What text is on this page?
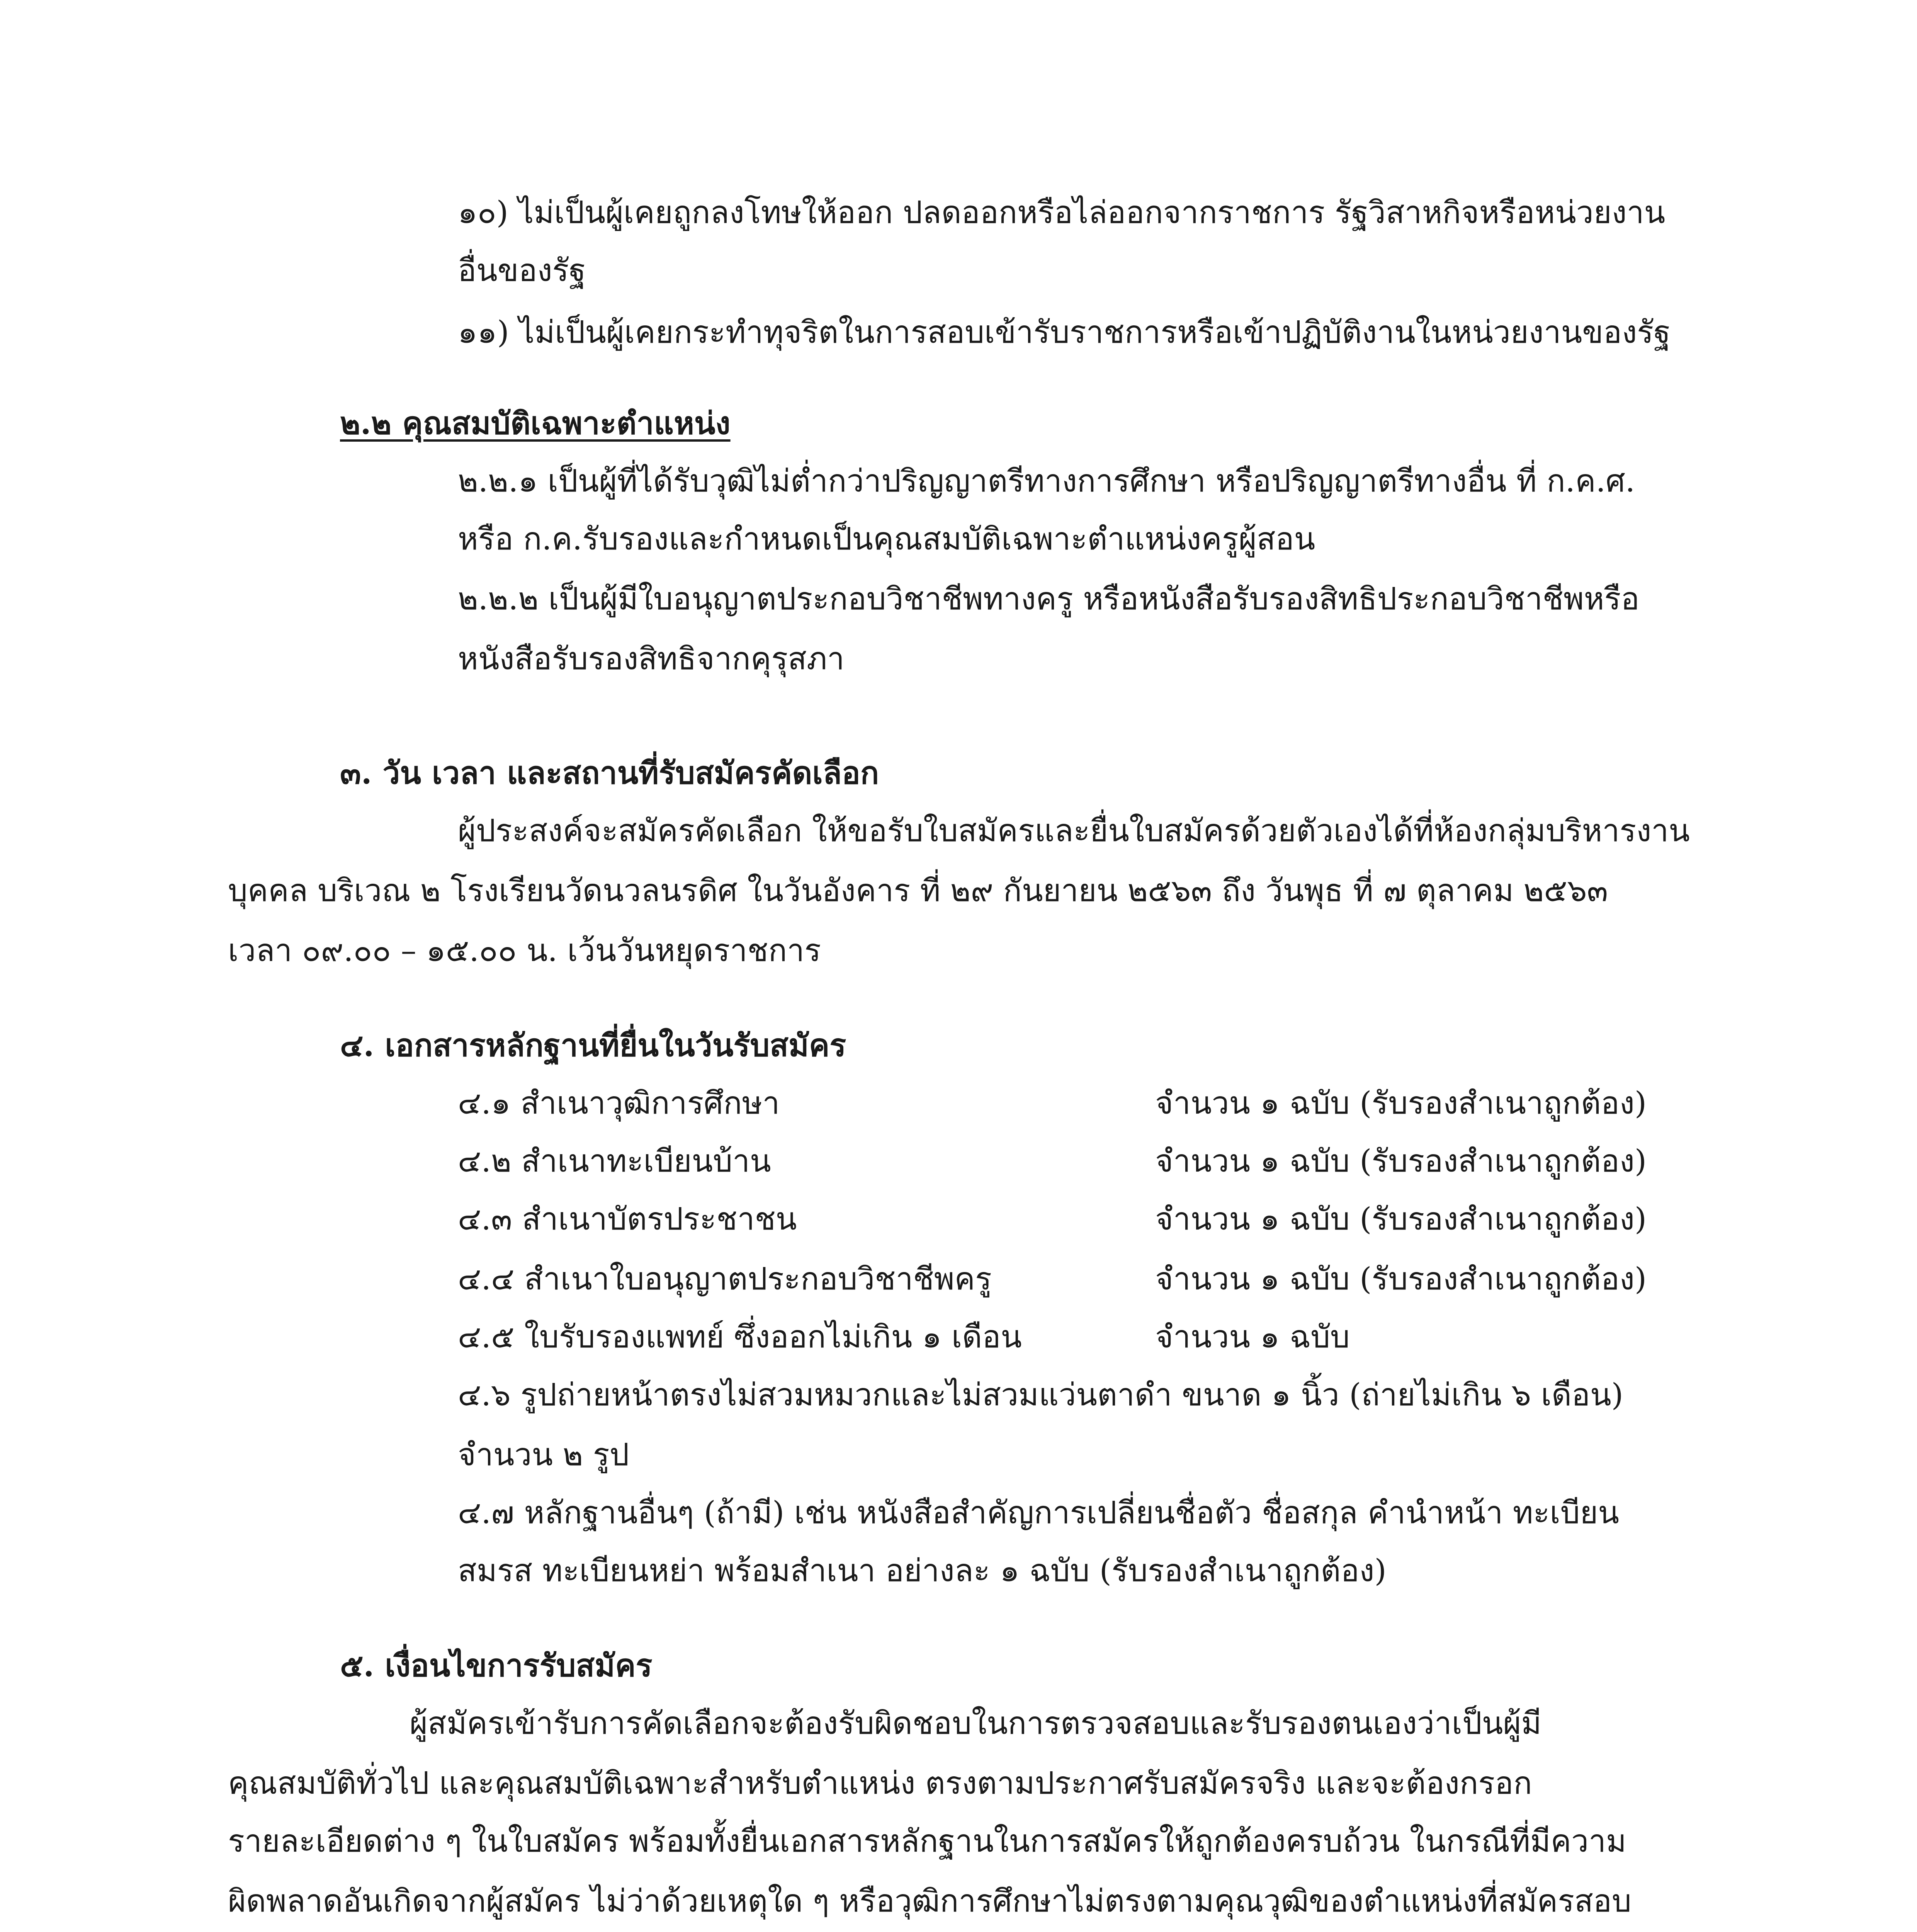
๑๐) ไม่เป็นผู้เคยถูกลงโทษให้ออก ปลดออกหรือไล่ออกจากราชการ รัฐวิสาหกิจหรือหน่วยงาน
อื่นของรัฐ
๑๑) ไม่เป็นผู้เคยกระทำทุจริตในการสอบเข้ารับราชการหรือเข้าปฏิบัติงานในหน่วยงานของรัฐ
๒.๒ คุณสมบัติเฉพาะตำแหน่ง
๒.๒.๑ เป็นผู้ที่ได้รับวุฒิไม่ต่ำกว่าปริญญาตรีทางการศึกษา หรือปริญญาตรีทางอื่น ที่ ก.ค.ศ.
หรือ ก.ค.รับรองและกำหนดเป็นคุณสมบัติเฉพาะตำแหน่งครูผู้สอน
๒.๒.๒ เป็นผู้มีใบอนุญาตประกอบวิชาชีพทางครู หรือหนังสือรับรองสิทธิประกอบวิชาชีพหรือ
หนังสือรับรองสิทธิจากคุรุสภา
๓. วัน เวลา และสถานที่รับสมัครคัดเลือก
ผู้ประสงค์จะสมัครคัดเลือก ให้ขอรับใบสมัครและยื่นใบสมัครด้วยตัวเองได้ที่ห้องกลุ่มบริหารงาน
บุคคล บริเวณ ๒ โรงเรียนวัดนวลนรดิศ ในวันอังคาร ที่ ๒๙ กันยายน ๒๕๖๓ ถึง วันพุธ ที่ ๗ ตุลาคม ๒๕๖๓
เวลา ๐๙.๐๐ – ๑๕.๐๐ น. เว้นวันหยุดราชการ
๔. เอกสารหลักฐานที่ยื่นในวันรับสมัคร
๔.๑ สำเนาวุฒิการศึกษา	จำนวน ๑ ฉบับ (รับรองสำเนาถูกต้อง)
๔.๒ สำเนาทะเบียนบ้าน	จำนวน ๑ ฉบับ (รับรองสำเนาถูกต้อง)
๔.๓ สำเนาบัตรประชาชน	จำนวน ๑ ฉบับ (รับรองสำเนาถูกต้อง)
๔.๔ สำเนาใบอนุญาตประกอบวิชาชีพครู	จำนวน ๑ ฉบับ (รับรองสำเนาถูกต้อง)
๔.๕ ใบรับรองแพทย์ ซึ่งออกไม่เกิน ๑ เดือน	จำนวน ๑ ฉบับ
๔.๖ รูปถ่ายหน้าตรงไม่สวมหมวกและไม่สวมแว่นตาดำ ขนาด ๑ นิ้ว (ถ่ายไม่เกิน ๖ เดือน)
จำนวน ๒ รูป
๔.๗ หลักฐานอื่นๆ (ถ้ามี) เช่น หนังสือสำคัญการเปลี่ยนชื่อตัว ชื่อสกุล คำนำหน้า ทะเบียน
สมรส ทะเบียนหย่า พร้อมสำเนา อย่างละ ๑ ฉบับ (รับรองสำเนาถูกต้อง)
๕. เงื่อนไขการรับสมัคร
ผู้สมัครเข้ารับการคัดเลือกจะต้องรับผิดชอบในการตรวจสอบและรับรองตนเองว่าเป็นผู้มี
คุณสมบัติทั่วไป และคุณสมบัติเฉพาะสำหรับตำแหน่ง ตรงตามประกาศรับสมัครจริง และจะต้องกรอก
รายละเอียดต่าง ๆ ในใบสมัคร พร้อมทั้งยื่นเอกสารหลักฐานในการสมัครให้ถูกต้องครบถ้วน ในกรณีที่มีความ
ผิดพลาดอันเกิดจากผู้สมัคร ไม่ว่าด้วยเหตุใด ๆ หรือวุฒิการศึกษาไม่ตรงตามคุณวุฒิของตำแหน่งที่สมัครสอบ
